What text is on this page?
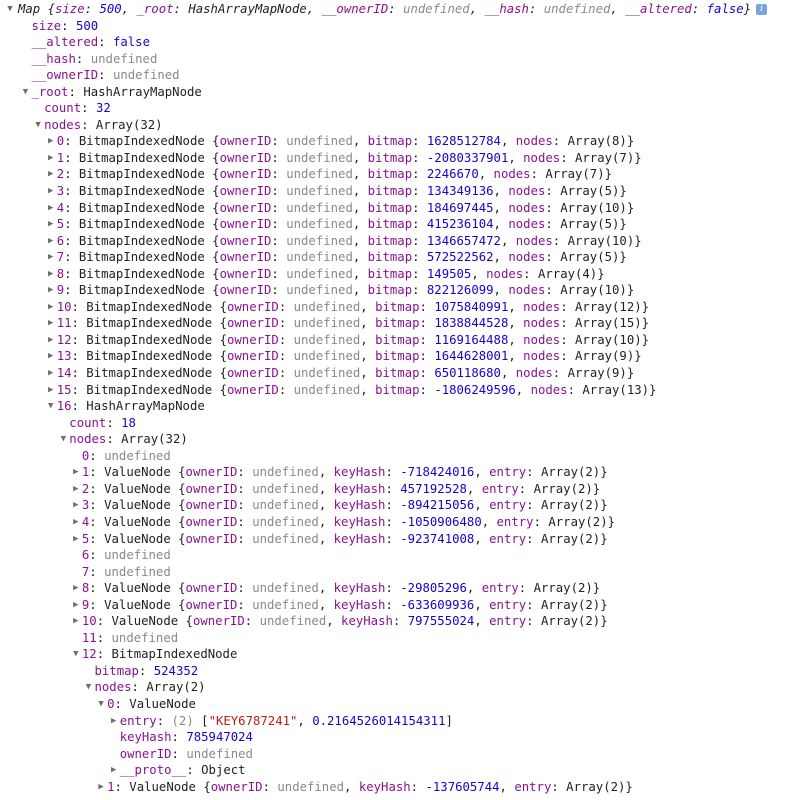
▼ Map {size: 500, _root: HashArrayMapNode, __ownerID: undefined, __hash: undefined, __altered: false} i
size: 500
__altered: false
__hash: undefined
__ownerID: undefined
▼ _root: HashArrayMapNode
count: 32
▼ nodes: Array(32)
▶ 0: BitmapIndexedNode {ownerID: undefined, bitmap: 1628512784, nodes: Array(8)}
▶ 1: BitmapIndexedNode {ownerID: undefined, bitmap: -2080337901, nodes: Array(7)}
▶ 2: BitmapIndexedNode {ownerID: undefined, bitmap: 2246670, nodes: Array(7)}
▶ 3: BitmapIndexedNode {ownerID: undefined, bitmap: 134349136, nodes: Array(5)}
▶ 4: BitmapIndexedNode {ownerID: undefined, bitmap: 184697445, nodes: Array(10)}
▶ 5: BitmapIndexedNode {ownerID: undefined, bitmap: 415236104, nodes: Array(5)}
▶ 6: BitmapIndexedNode {ownerID: undefined, bitmap: 1346657472, nodes: Array(10)}
▶ 7: BitmapIndexedNode {ownerID: undefined, bitmap: 572522562, nodes: Array(5)}
▶ 8: BitmapIndexedNode {ownerID: undefined, bitmap: 149505, nodes: Array(4)}
▶ 9: BitmapIndexedNode {ownerID: undefined, bitmap: 822126099, nodes: Array(10)}
▶ 10: BitmapIndexedNode {ownerID: undefined, bitmap: 1075840991, nodes: Array(12)}
▶ 11: BitmapIndexedNode {ownerID: undefined, bitmap: 1838844528, nodes: Array(15)}
▶ 12: BitmapIndexedNode {ownerID: undefined, bitmap: 1169164488, nodes: Array(10)}
▶ 13: BitmapIndexedNode {ownerID: undefined, bitmap: 1644628001, nodes: Array(9)}
▶ 14: BitmapIndexedNode {ownerID: undefined, bitmap: 650118680, nodes: Array(9)}
▶ 15: BitmapIndexedNode {ownerID: undefined, bitmap: -1806249596, nodes: Array(13)}
▼ 16: HashArrayMapNode
count: 18
▼ nodes: Array(32)
0: undefined
▶ 1: ValueNode {ownerID: undefined, keyHash: -718424016, entry: Array(2)}
▶ 2: ValueNode {ownerID: undefined, keyHash: 457192528, entry: Array(2)}
▶ 3: ValueNode {ownerID: undefined, keyHash: -894215056, entry: Array(2)}
▶ 4: ValueNode {ownerID: undefined, keyHash: -1050906480, entry: Array(2)}
▶ 5: ValueNode {ownerID: undefined, keyHash: -923741008, entry: Array(2)}
6: undefined
7: undefined
▶ 8: ValueNode {ownerID: undefined, keyHash: -29805296, entry: Array(2)}
▶ 9: ValueNode {ownerID: undefined, keyHash: -633609936, entry: Array(2)}
▶ 10: ValueNode {ownerID: undefined, keyHash: 797555024, entry: Array(2)}
11: undefined
▼ 12: BitmapIndexedNode
bitmap: 524352
▼ nodes: Array(2)
▼ 0: ValueNode
▶ entry: (2) ["KEY6787241", 0.2164526014154311]
keyHash: 785947024
ownerID: undefined
▶ __proto__: Object
▶ 1: ValueNode {ownerID: undefined, keyHash: -137605744, entry: Array(2)}
